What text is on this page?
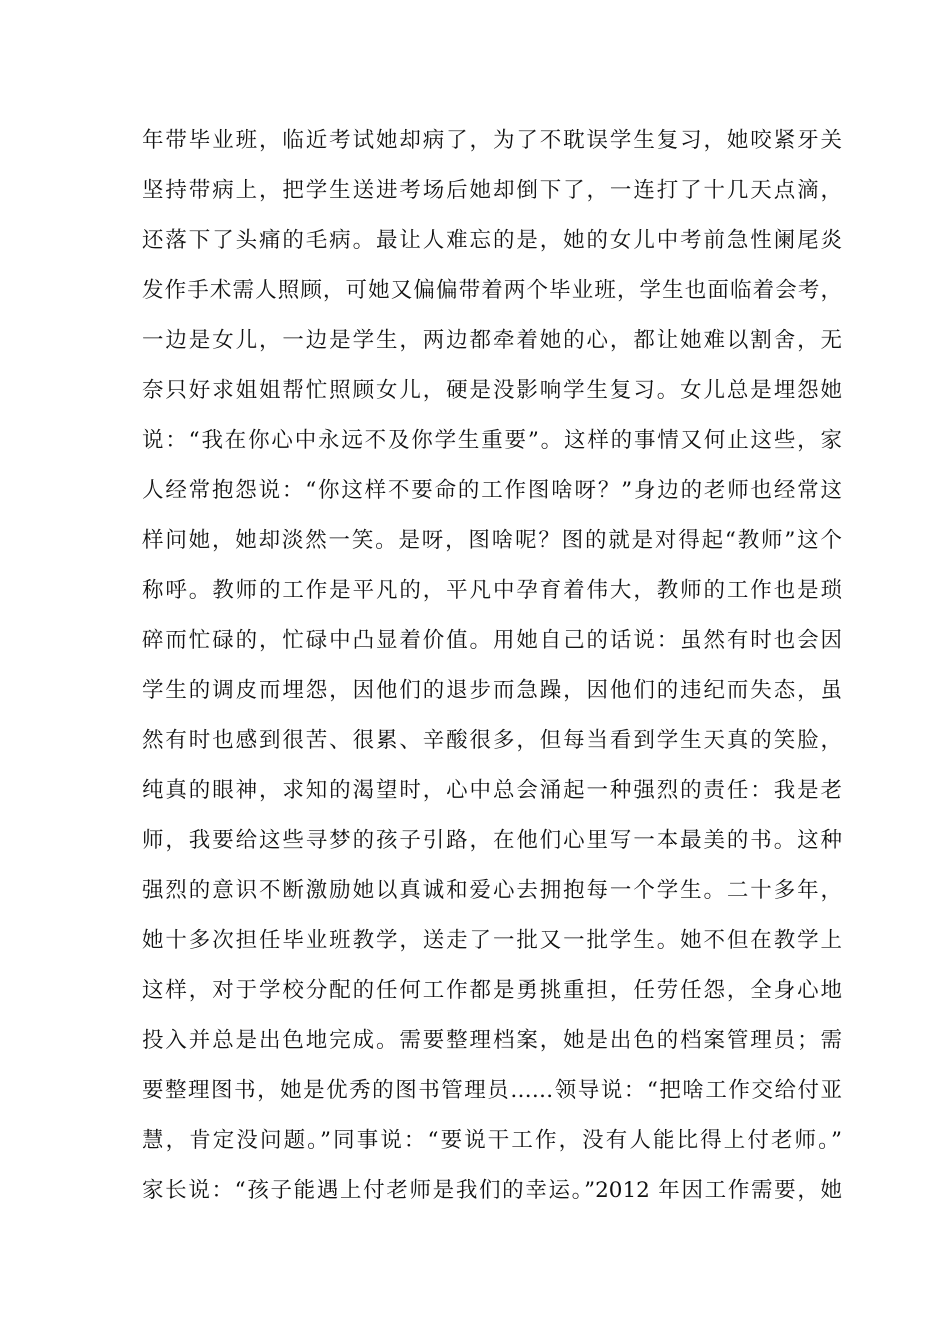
年带毕业班，临近考试她却病了，为了不耽误学生复习，她咬紧牙关
坚持带病上，把学生送进考场后她却倒下了，一连打了十几天点滴，
还落下了头痛的毛病。最让人难忘的是，她的女儿中考前急性阑尾炎
发作手术需人照顾，可她又偏偏带着两个毕业班，学生也面临着会考，
一边是女儿，一边是学生，两边都牵着她的心，都让她难以割舍，无
奈只好求姐姐帮忙照顾女儿，硬是没影响学生复习。女儿总是埋怨她
说：“我在你心中永远不及你学生重要”。这样的事情又何止这些，家
人经常抱怨说：“你这样不要命的工作图啥呀？”身边的老师也经常这
样问她，她却淡然一笑。是呀，图啥呢？图的就是对得起“教师”这个
称呼。教师的工作是平凡的，平凡中孕育着伟大，教师的工作也是琐
碎而忙碌的，忙碌中凸显着价值。用她自己的话说：虽然有时也会因
学生的调皮而埋怨，因他们的退步而急躁，因他们的违纪而失态，虽
然有时也感到很苦、很累、辛酸很多，但每当看到学生天真的笑脸，
纯真的眼神，求知的渴望时，心中总会涌起一种强烈的责任：我是老
师，我要给这些寻梦的孩子引路，在他们心里写一本最美的书。这种
强烈的意识不断激励她以真诚和爱心去拥抱每一个学生。二十多年，
她十多次担任毕业班教学，送走了一批又一批学生。她不但在教学上
这样，对于学校分配的任何工作都是勇挑重担，任劳任怨，全身心地
投入并总是出色地完成。需要整理档案，她是出色的档案管理员；需
要整理图书，她是优秀的图书管理员……领导说：“把啥工作交给付亚
慧，肯定没问题。”同事说：“要说干工作，没有人能比得上付老师。”
家长说：“孩子能遇上付老师是我们的幸运。”2012 年因工作需要，她
